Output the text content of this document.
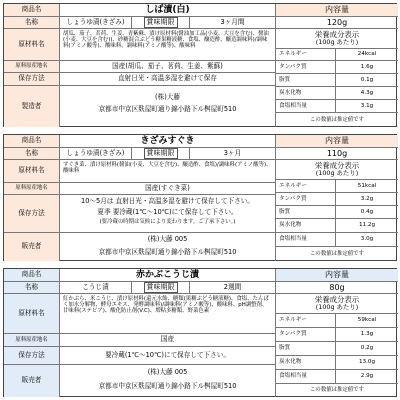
商品名	しば漬(白)	内容量
名称	しょうゆ漬(きざみ)	賞味期限	3ヶ月間	120g
原材料名
胡瓜、茄子、茗荷、生姜、青紫蘇、漬け原材料(醤油加工品(小麦、大豆を含む)、醤油(小麦、大豆を含む))、砂糖混合ぶどう糖果糖液糖、食塩、醸造酢、醸造調味料)/調味料(アミノ酸等)、酸味料、調味料(アミノ酸等)、酸味料
原料原産地名	国産(胡瓜、茄子、茗荷、生姜、紫蘇)
保存方法	直射日光・高温多湿を避けて保存
製造者
(株)大藤
京都市中京区麩屋町通り錦小路下ル桝屋町510
栄養成分表示
(100g あたり)
エネルギー	24kcal
タンパク質	1.6g
脂質	0.1g
炭水化物	4.3g
食塩相当量	3.1g
この数値は推定値です
商品名	きざみすぐき	内容量
名称	しょうゆ漬(きざみ)	賞味期限	3ヶ月	110g
原材料名
すぐき菜、漬け原材料(醤油(小麦、大豆を含む)、醸造酢、食塩)/調味料(アミノ酸等)、酸味料
原料原産地名	国産(すぐき菜)
保存方法
10〜5月は 直射日光・高温多湿を避けて保存して下さい。
夏季 要冷蔵(1℃〜10℃)にて保存して下さい。
(要冷蔵の時期は気候により変わります。ご了承下さい。)
販売者
(株)大藤 005
京都市中京区麩屋町通り錦小路下ル桝屋町510
栄養成分表示
(100g あたり)
エネルギー	51kcal
タンパク質	3.2g
脂質	0.4g
炭水化物	11.2g
食塩相当量	3.0g
この数値は推定値です
商品名	赤かぶこうじ漬	内容量
名称	こうじ漬	賞味期限	2週間	80g
原材料名
紅かぶら、米こうじ、漬け原材料(還元水飴、糖類(果糖ぶどう糖液糖)、食塩、たんぱく加水分解物、酵母エキス、発酵調味料)/調味料(アミノ酸等)、酸味料、pH調整剤、甘味料(ステビア)、酸化防止剤(V.C)、増粘多糖類、野菜色素
原料原産地名	国産
保存方法	要冷蔵(1℃〜10℃)にて保存して下さい。
販売者
(株)大藤 005
京都市中京区麩屋町通り錦小路下ル桝屋町510
栄養成分表示
(100g あたり)
エネルギー	59kcal
タンパク質	1.3g
脂質	0.2g
炭水化物	13.0g
食塩相当量	2.9g
この数値は推定値です
